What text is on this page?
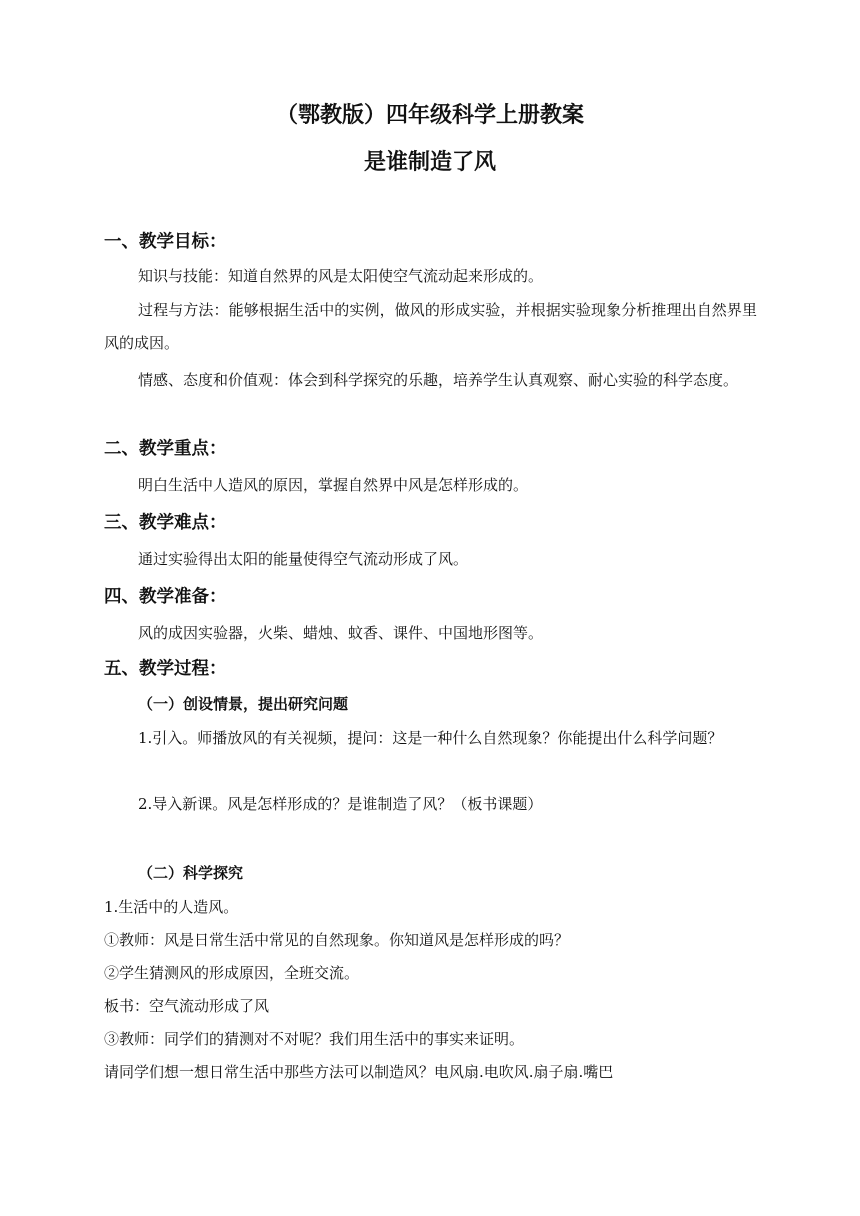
（鄂教版）四年级科学上册教案
是谁制造了风
一、教学目标：
知识与技能：知道自然界的风是太阳使空气流动起来形成的。
过程与方法：能够根据生活中的实例，做风的形成实验，并根据实验现象分析推理出自然界里风的成因。
情感、态度和价值观：体会到科学探究的乐趣，培养学生认真观察、耐心实验的科学态度。
二、教学重点：
明白生活中人造风的原因，掌握自然界中风是怎样形成的。
三、教学难点：
通过实验得出太阳的能量使得空气流动形成了风。
四、教学准备：
风的成因实验器，火柴、蜡烛、蚊香、课件、中国地形图等。
五、教学过程：
（一）创设情景，提出研究问题
1.引入。师播放风的有关视频，提问：这是一种什么自然现象？你能提出什么科学问题？
2.导入新课。风是怎样形成的？是谁制造了风？（板书课题）
（二）科学探究
1.生活中的人造风。
①教师：风是日常生活中常见的自然现象。你知道风是怎样形成的吗？
②学生猜测风的形成原因，全班交流。
板书：空气流动形成了风
③教师：同学们的猜测对不对呢？我们用生活中的事实来证明。
请同学们想一想日常生活中那些方法可以制造风？电风扇.电吹风.扇子扇.嘴巴
